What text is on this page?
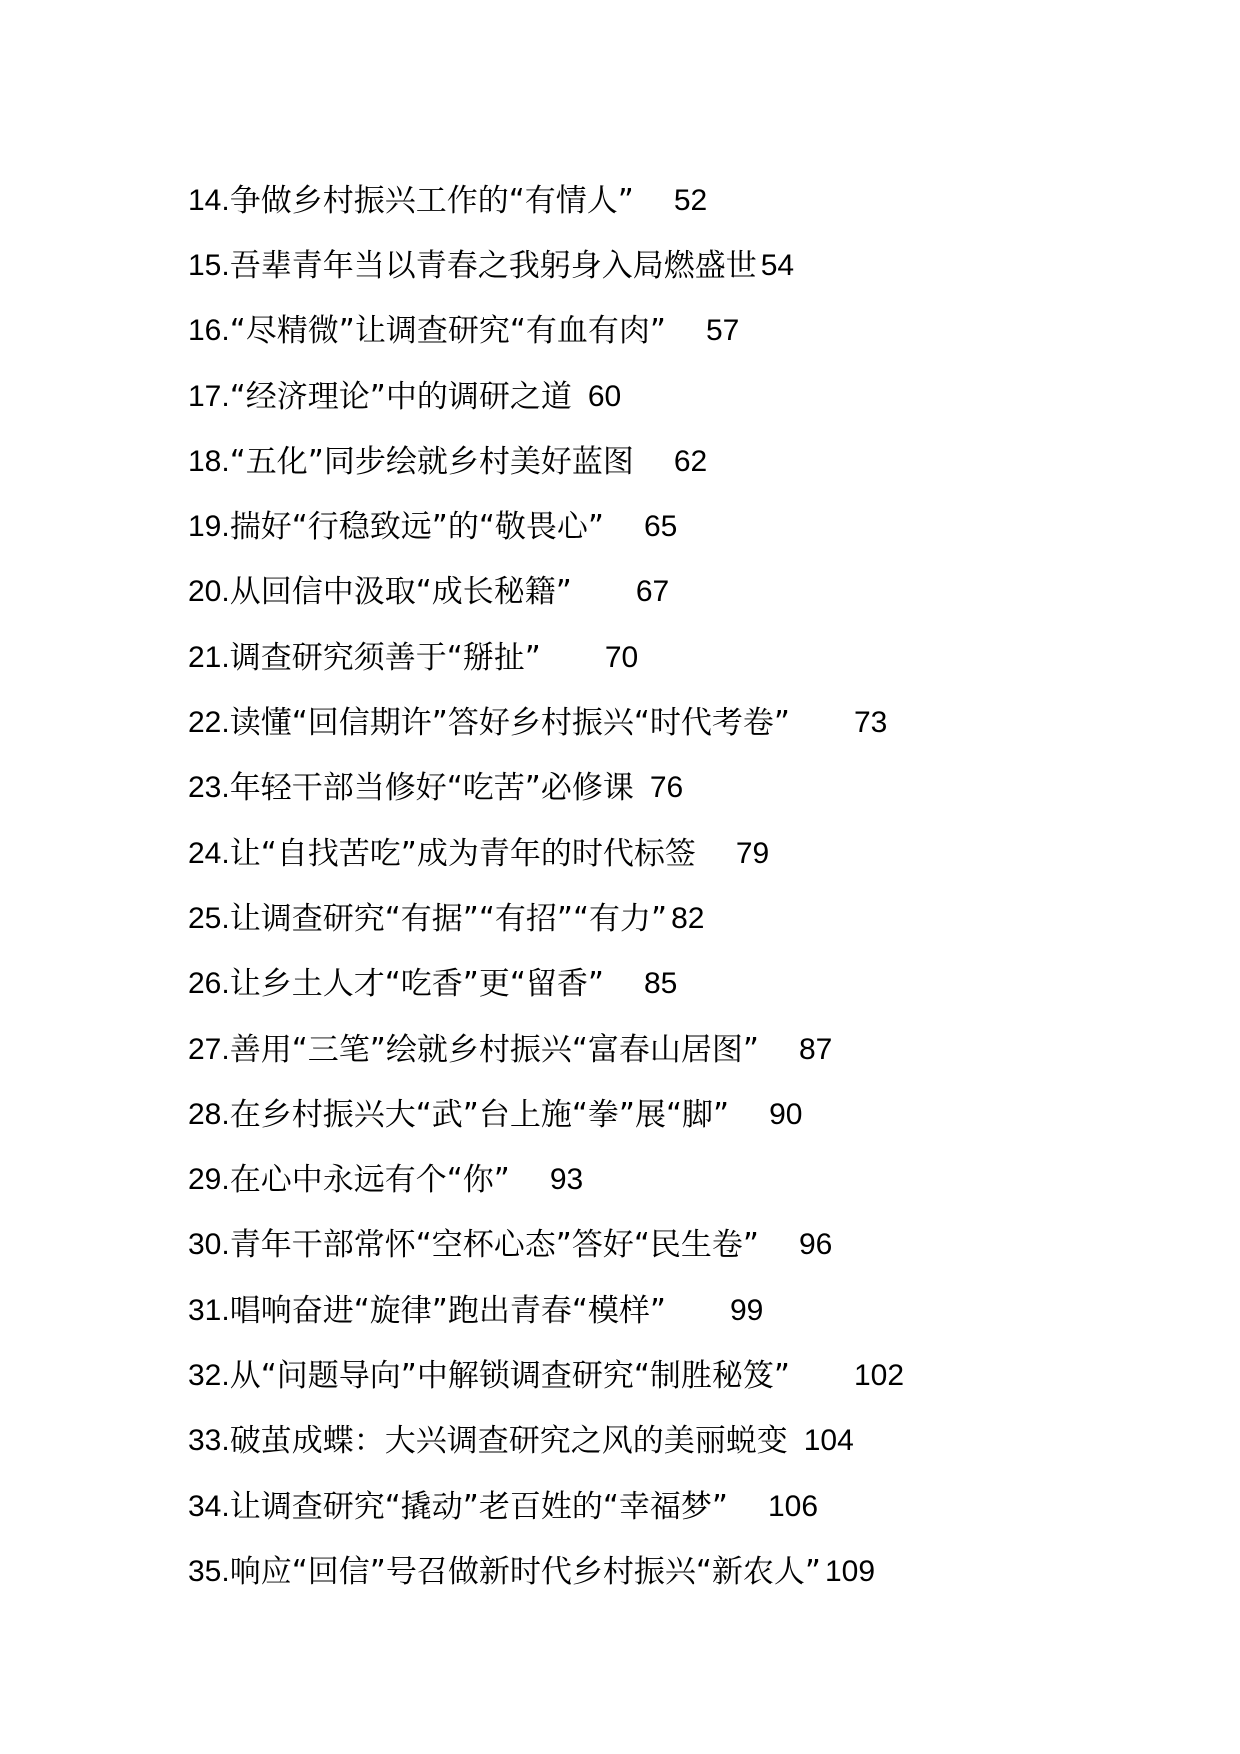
14. 争做乡村振兴工作的“有情人” 52
15. 吾辈青年当以青春之我躬身入局燃盛世 54
16. “尽精微”让调查研究“有血有肉” 57
17. “经济理论”中的调研之道 60
18. “五化”同步绘就乡村美好蓝图 62
19. 揣好“行稳致远”的“敬畏心” 65
20. 从回信中汲取“成长秘籍” 67
21. 调查研究须善于“掰扯” 70
22. 读懂“回信期许”答好乡村振兴“时代考卷” 73
23. 年轻干部当修好“吃苦”必修课 76
24. 让“自找苦吃”成为青年的时代标签 79
25. 让调查研究“有据”“有招”“有力” 82
26. 让乡土人才“吃香”更“留香” 85
27. 善用“三笔”绘就乡村振兴“富春山居图” 87
28. 在乡村振兴大“武”台上施“拳”展“脚” 90
29. 在心中永远有个“你” 93
30. 青年干部常怀“空杯心态”答好“民生卷” 96
31. 唱响奋进“旋律”跑出青春“模样” 99
32. 从“问题导向”中解锁调查研究“制胜秘笈” 102
33. 破茧成蝶：大兴调查研究之风的美丽蜕变 104
34. 让调查研究“撬动”老百姓的“幸福梦” 106
35. 响应“回信”号召做新时代乡村振兴“新农人” 109
